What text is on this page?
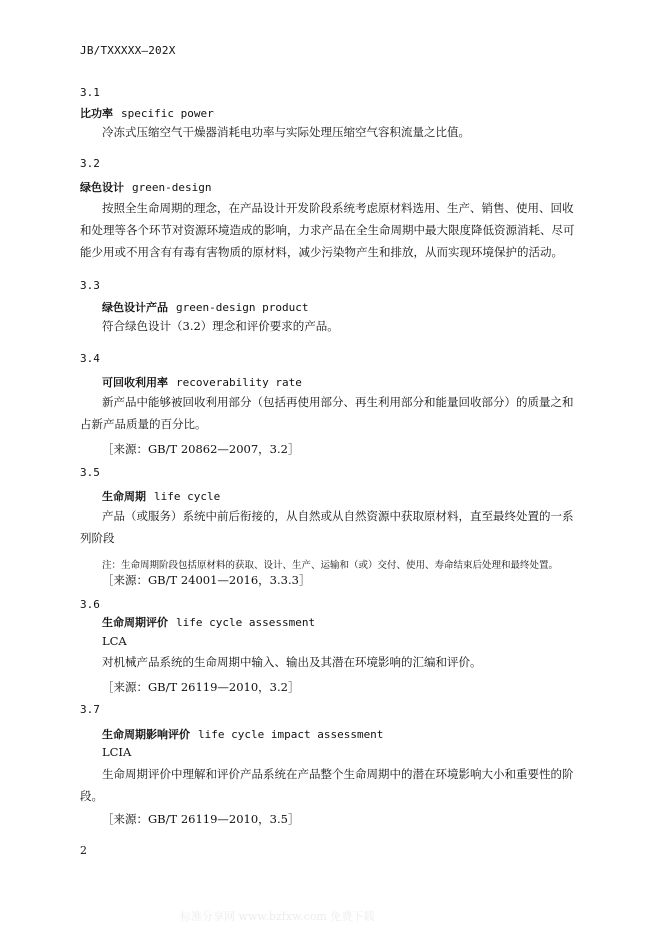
JB/TXXXXX—202X
3.1
比功率 specific power
冷冻式压缩空气干燥器消耗电功率与实际处理压缩空气容积流量之比值。
3.2
绿色设计 green-design
按照全生命周期的理念，在产品设计开发阶段系统考虑原材料选用、生产、销售、使用、回收
和处理等各个环节对资源环境造成的影响，力求产品在全生命周期中最大限度降低资源消耗、尽可
能少用或不用含有有毒有害物质的原材料，减少污染物产生和排放，从而实现环境保护的活动。
3.3
绿色设计产品 green-design product
符合绿色设计（3.2）理念和评价要求的产品。
3.4
可回收利用率 recoverability rate
新产品中能够被回收利用部分（包括再使用部分、再生利用部分和能量回收部分）的质量之和
占新产品质量的百分比。
［来源：GB/T 20862—2007，3.2］
3.5
生命周期 life cycle
产品（或服务）系统中前后衔接的，从自然或从自然资源中获取原材料，直至最终处置的一系
列阶段
注：生命周期阶段包括原材料的获取、设计、生产、运输和（或）交付、使用、寿命结束后处理和最终处置。
［来源：GB/T 24001—2016，3.3.3］
3.6
生命周期评价 life cycle assessment
LCA
对机械产品系统的生命周期中输入、输出及其潜在环境影响的汇编和评价。
［来源：GB/T 26119—2010，3.2］
3.7
生命周期影响评价 life cycle impact assessment
LCIA
生命周期评价中理解和评价产品系统在产品整个生命周期中的潜在环境影响大小和重要性的阶
段。
［来源：GB/T 26119—2010，3.5］
2
标准分享网 www.bzfxw.com 免费下载
